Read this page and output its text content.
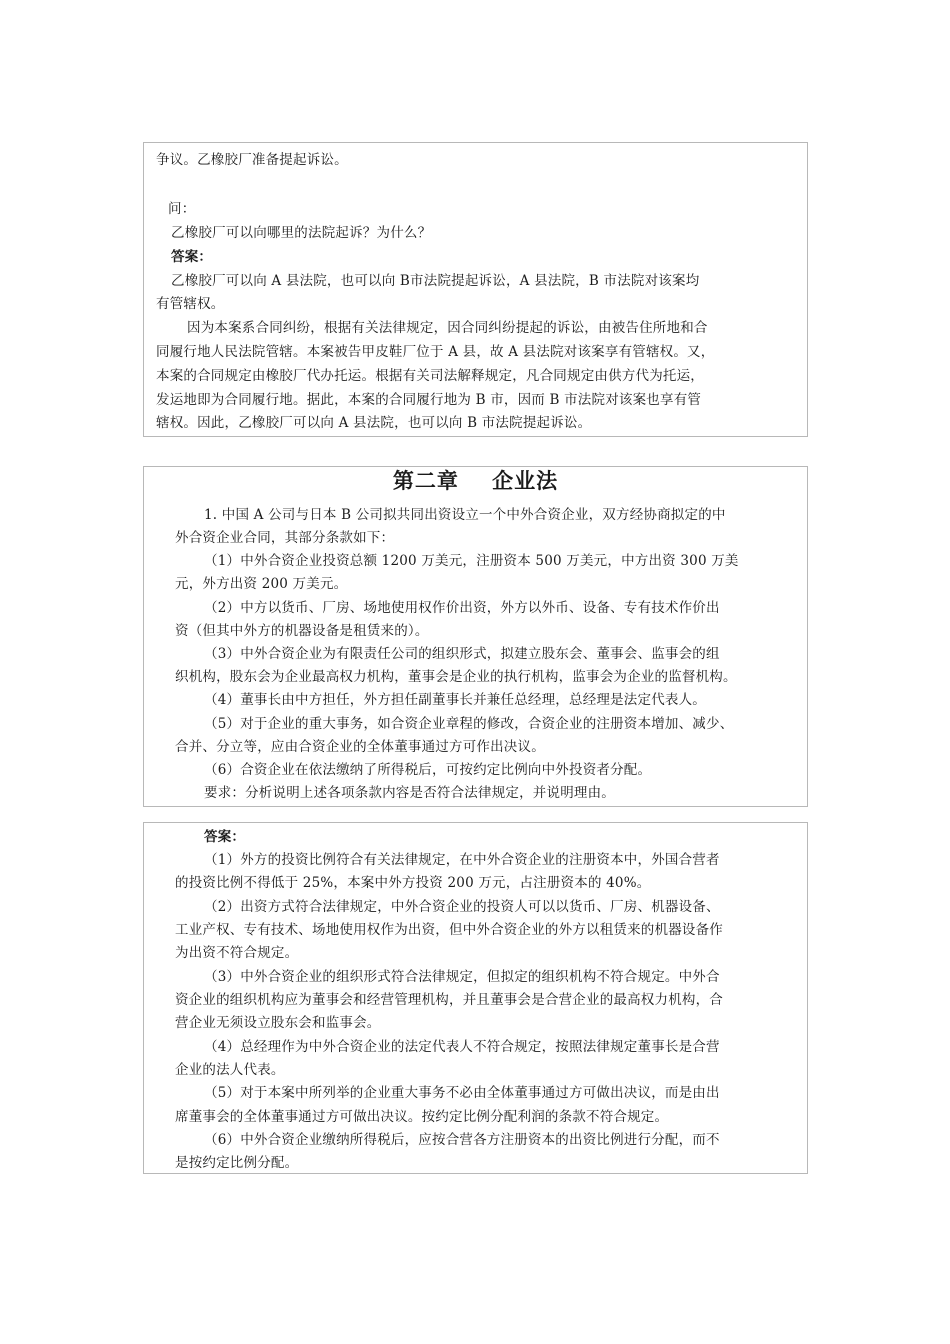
争议。乙橡胶厂准备提起诉讼。
问：
乙橡胶厂可以向哪里的法院起诉？为什么？
答案：
乙橡胶厂可以向 A 县法院，也可以向 B市法院提起诉讼，A 县法院，B 市法院对该案均
有管辖权。
因为本案系合同纠纷，根据有关法律规定，因合同纠纷提起的诉讼，由被告住所地和合
同履行地人民法院管辖。本案被告甲皮鞋厂位于 A 县，故 A 县法院对该案享有管辖权。又，
本案的合同规定由橡胶厂代办托运。根据有关司法解释规定，凡合同规定由供方代为托运，
发运地即为合同履行地。据此，本案的合同履行地为 B 市，因而 B 市法院对该案也享有管
辖权。因此，乙橡胶厂可以向 A 县法院，也可以向 B 市法院提起诉讼。
第二章    企业法
1. 中国 A 公司与日本 B 公司拟共同出资设立一个中外合资企业，双方经协商拟定的中
外合资企业合同，其部分条款如下：
（1）中外合资企业投资总额 1200 万美元，注册资本 500 万美元，中方出资 300 万美
元，外方出资 200 万美元。
（2）中方以货币、厂房、场地使用权作价出资，外方以外币、设备、专有技术作价出
资（但其中外方的机器设备是租赁来的）。
（3）中外合资企业为有限责任公司的组织形式，拟建立股东会、董事会、监事会的组
织机构，股东会为企业最高权力机构，董事会是企业的执行机构，监事会为企业的监督机构。
（4）董事长由中方担任，外方担任副董事长并兼任总经理，总经理是法定代表人。
（5）对于企业的重大事务，如合资企业章程的修改，合资企业的注册资本增加、减少、
合并、分立等，应由合资企业的全体董事通过方可作出决议。
（6）合资企业在依法缴纳了所得税后，可按约定比例向中外投资者分配。
要求：分析说明上述各项条款内容是否符合法律规定，并说明理由。
答案：
（1）外方的投资比例符合有关法律规定，在中外合资企业的注册资本中，外国合营者
的投资比例不得低于 25%，本案中外方投资 200 万元，占注册资本的 40%。
（2）出资方式符合法律规定，中外合资企业的投资人可以以货币、厂房、机器设备、
工业产权、专有技术、场地使用权作为出资，但中外合资企业的外方以租赁来的机器设备作
为出资不符合规定。
（3）中外合资企业的组织形式符合法律规定，但拟定的组织机构不符合规定。中外合
资企业的组织机构应为董事会和经营管理机构，并且董事会是合营企业的最高权力机构，合
营企业无须设立股东会和监事会。
（4）总经理作为中外合资企业的法定代表人不符合规定，按照法律规定董事长是合营
企业的法人代表。
（5）对于本案中所列举的企业重大事务不必由全体董事通过方可做出决议，而是由出
席董事会的全体董事通过方可做出决议。按约定比例分配利润的条款不符合规定。
（6）中外合资企业缴纳所得税后，应按合营各方注册资本的出资比例进行分配，而不
是按约定比例分配。
